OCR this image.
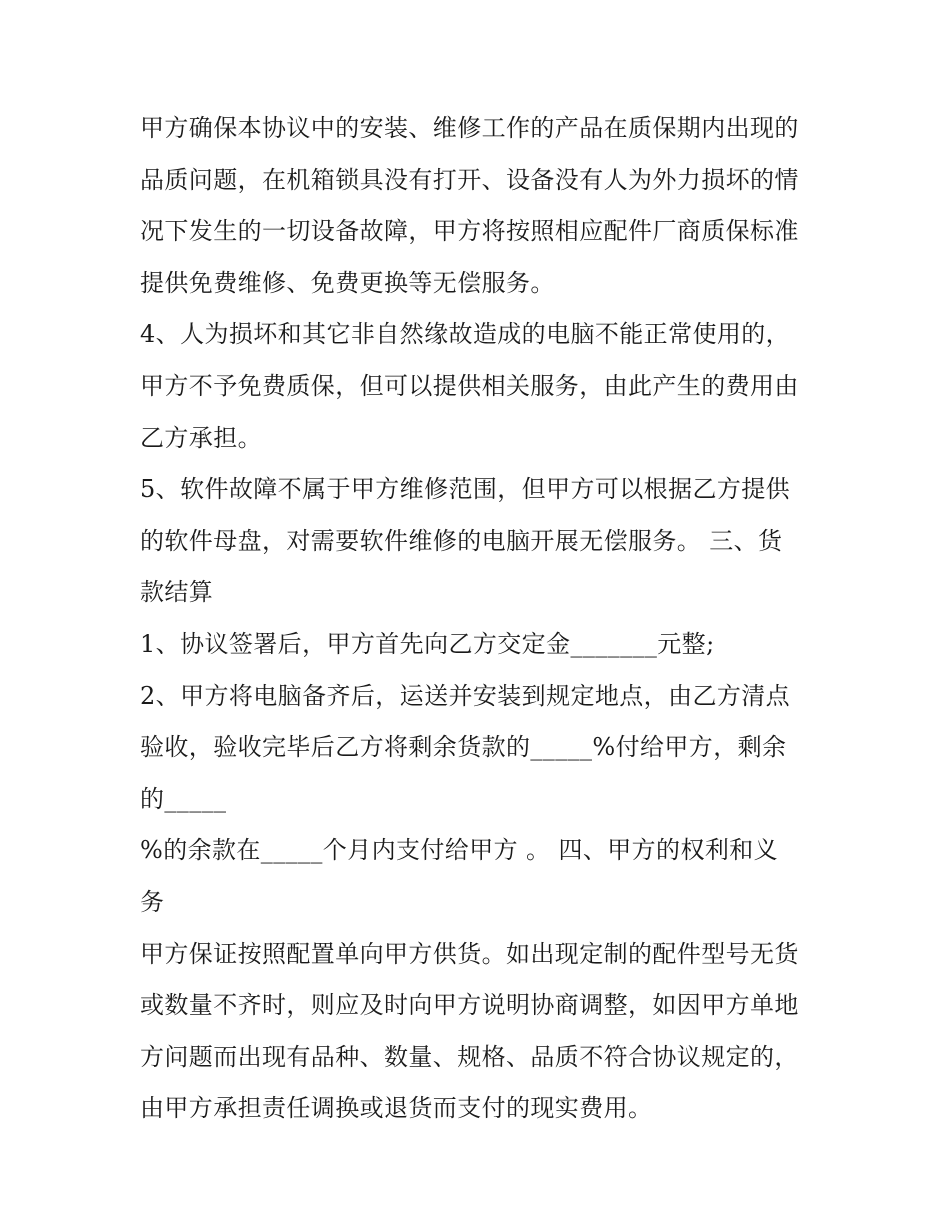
甲方确保本协议中的安装、维修工作的产品在质保期内出现的
品质问题，在机箱锁具没有打开、设备没有人为外力损坏的情
况下发生的一切设备故障，甲方将按照相应配件厂商质保标准
提供免费维修、免费更换等无偿服务。
4、人为损坏和其它非自然缘故造成的电脑不能正常使用的，
甲方不予免费质保，但可以提供相关服务，由此产生的费用由
乙方承担。
5、软件故障不属于甲方维修范围，但甲方可以根据乙方提供
的软件母盘，对需要软件维修的电脑开展无偿服务。 三、货
款结算
1、协议签署后，甲方首先向乙方交定金_______元整;
2、甲方将电脑备齐后，运送并安装到规定地点，由乙方清点
验收，验收完毕后乙方将剩余货款的_____%付给甲方，剩余
的_____
%的余款在_____个月内支付给甲方 。 四、甲方的权利和义
务
甲方保证按照配置单向甲方供货。如出现定制的配件型号无货
或数量不齐时，则应及时向甲方说明协商调整，如因甲方单地
方问题而出现有品种、数量、规格、品质不符合协议规定的，
由甲方承担责任调换或退货而支付的现实费用。
